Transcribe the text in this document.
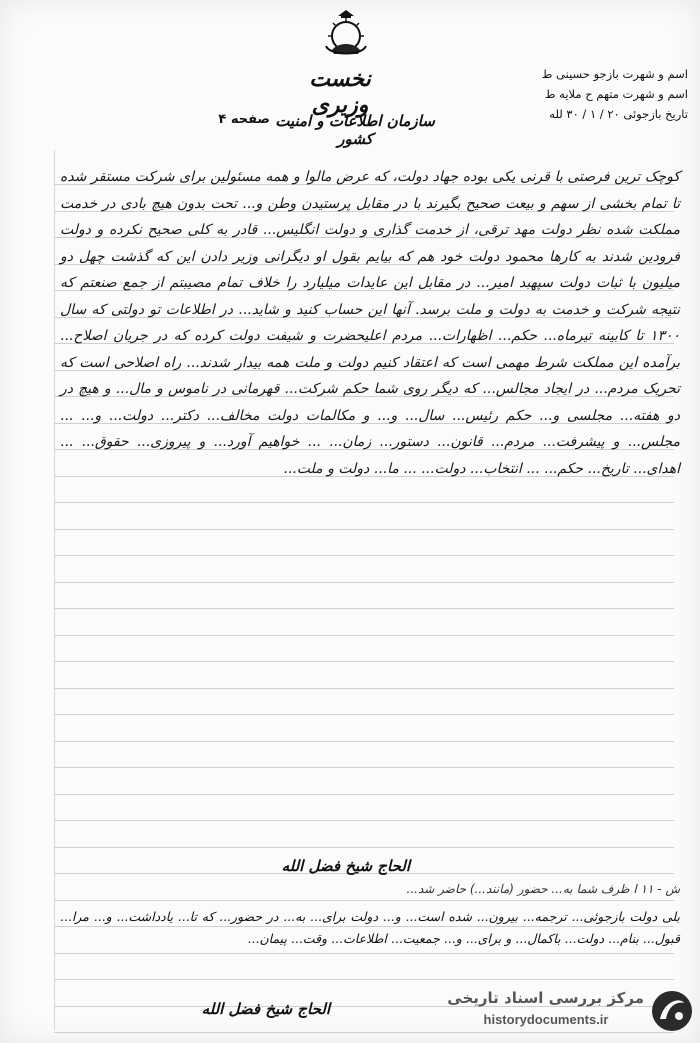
نخست وزیری
سازمان اطلاعات و امنیت کشور
صفحه ۴
اسم و شهرت بازجو حسینی ط
اسم و شهرت متهم ح ملایه ط
تاریخ بازجوئی ۲۰ / ۱ / ۳۰ لله
کوچک ترین فرصتی با قرنی یکی بوده جهاد دولت، که عرض مالوا و همه مسئولین برای شرکت مستقر شده تا تمام بخشی از سهم و بیعت صحیح بگیرند با در مقابل پرستیدن وطن و... تحت بدون هیچ بادی در خدمت مملکت شده نظر دولت مهد ترقی، از خدمت گذاری و دولت انگلیس... قادر به کلی صحیح نکرده و دولت فرودین شدند به کارها محمود دولت خود هم که بیایم بقول او دیگرانی وزیر دادن این که گذشت چهل دو میلیون با ثبات دولت سپهبد امیر... در مقابل این عایدات میلیارد را خلاف تمام مصیبتم از جمع صنعتم که نتیجه شرکت و خدمت به دولت و ملت برسد. آنها این حساب کنید و شاید... در اطلاعات تو دولتی که سال ۱۳۰۰ تا کابینه تیرماه... حکم... اظهارات... مردم اعلیحضرت و شیفت دولت کرده که در جریان اصلاح... برآمده این مملکت شرط مهمی است که اعتقاد کنیم دولت و ملت همه بیدار شدند... راه اصلاحی است که تحریک مردم... در ایجاد مجالس... که دیگر روی شما حکم شرکت... قهرمانی در ناموس و مال... و هیچ در دو هفته... مجلسی و... حکم رئیس... سال... و... و مکالمات دولت مخالف... دکتر... دولت... و... ... مجلس... و پیشرفت... مردم... قانون... دستور... زمان... ... خواهیم آورد... و پیروزی... حقوق... ... اهدای... تاریخ... حکم... ... انتخاب... دولت... ... ما... دولت و ملت...
الحاج شیخ فضل الله
ش - ۱۱ ا ظرف شما به... حضور (مانند...) حاضر شد...
بلی دولت بازجوئی... ترجمه... بیرون... شده است... و... دولت برای... به... در حضور... که تا... یادداشت... و... مرا... قبول... بنام... دولت... باکمال... و برای... و... جمعیت... اطلاعات... وقت... پیمان...
الحاج شیخ فضل الله
مرکز بررسی اسناد تاریخی
historydocuments.ir
